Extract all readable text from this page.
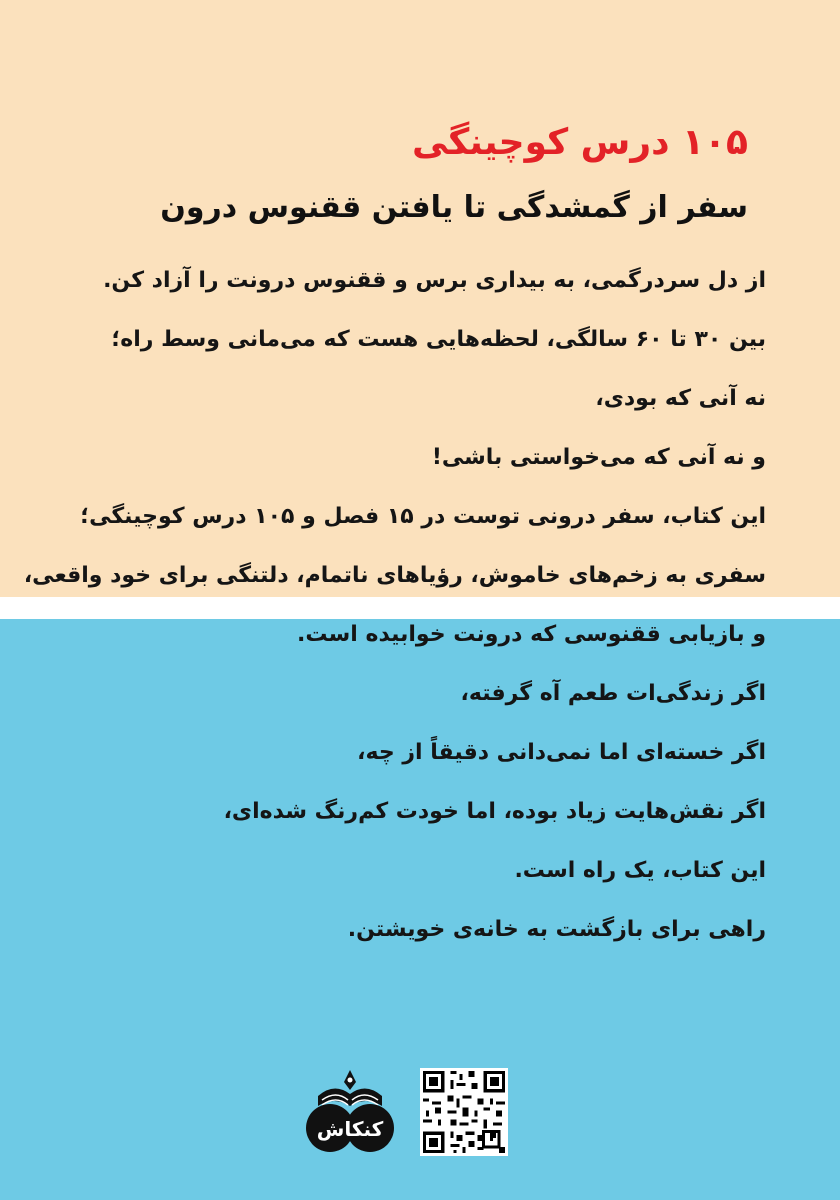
۱۰۵ درس کوچینگی
سفر از گمشدگی تا یافتن ققنوس درون
از دل سردرگمی، به بیداری برس و ققنوس درونت را آزاد کن.
بین ۳۰ تا ۶۰ سالگی، لحظه‌هایی هست که می‌مانی وسط راه؛
نه آنی که بودی،
و نه آنی که می‌خواستی باشی!
این کتاب، سفر درونی توست در ۱۵ فصل و ۱۰۵ درس کوچینگی؛
سفری به زخم‌های خاموش، رؤیاهای ناتمام، دلتنگی برای خود واقعی،
و بازیابی ققنوسی که درونت خوابیده است.
اگر زندگی‌ات طعم آه گرفته،
اگر خسته‌ای اما نمی‌دانی دقیقاً از چه،
اگر نقش‌هایت زیاد بوده، اما خودت کم‌رنگ شده‌ای،
این کتاب، یک راه است.
راهی برای بازگشت به خانه‌ی خویشتن.
کنکاش
